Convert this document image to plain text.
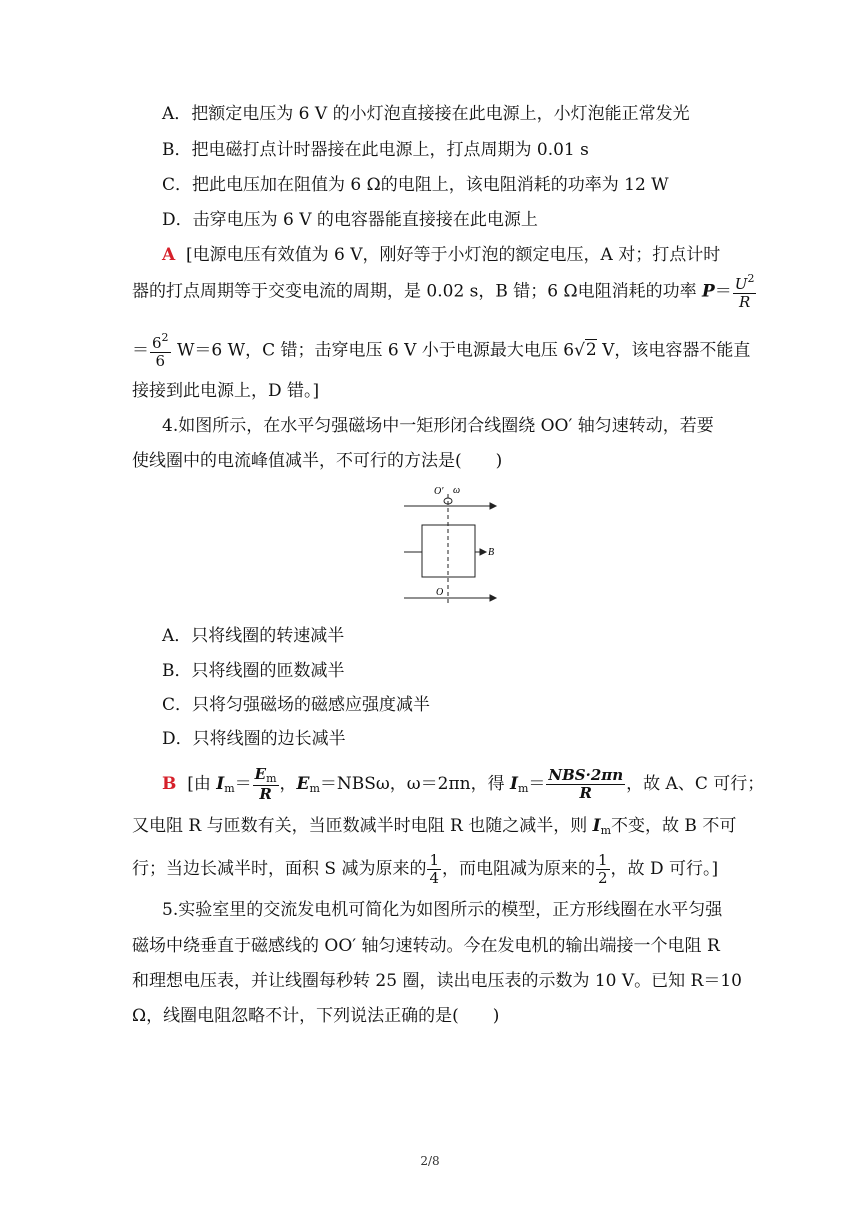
A．把额定电压为 6 V 的小灯泡直接接在此电源上，小灯泡能正常发光
B．把电磁打点计时器接在此电源上，打点周期为 0.01 s
C．把此电压加在阻值为 6 Ω的电阻上，该电阻消耗的功率为 12 W
D．击穿电压为 6 V 的电容器能直接接在此电源上
A [电源电压有效值为 6 V，刚好等于小灯泡的额定电压，A 对；打点计时
器的打点周期等于交变电流的周期，是 0.02 s，B 错；6 Ω电阻消耗的功率 $P= \frac{U^2}{R}$
＝ $\frac{6^2}{6} W=6$ W，C 错；击穿电压 6 V 小于电源最大电压 6√2 V，该电容器不能直
接接到此电源上，D 错。]
4.如图所示，在水平匀强磁场中一矩形闭合线圈绕 OO′ 轴匀速转动，若要
使线圈中的电流峰值减半，不可行的方法是(　　)
O′ ω
B
O
A．只将线圈的转速减半
B．只将线圈的匝数减半
C．只将匀强磁场的磁感应强度减半
D．只将线圈的边长减半
B [由 $I_m= \frac{E_m}{R}$ ，$E_m=NBS\omega$，ω＝2πn，得 $I_m= \frac{\text{NBS·2πn}}{R}$ ，故 A、C 可行；
又电阻 R 与匝数有关，当匝数减半时电阻 R 也随之减半，则 $I_m$不变，故 B 不可
行；当边长减半时，面积 S 减为原来的 $\frac{1}{4}$ ，而电阻减为原来的 $\frac{1}{2}$ ，故 D 可行。]
5.实验室里的交流发电机可简化为如图所示的模型，正方形线圈在水平匀强
磁场中绕垂直于磁感线的 OO′ 轴匀速转动。今在发电机的输出端接一个电阻 R
和理想电压表，并让线圈每秒转 25 圈，读出电压表的示数为 10 V。已知 R＝10
Ω，线圈电阻忽略不计，下列说法正确的是(　　)
2/8
